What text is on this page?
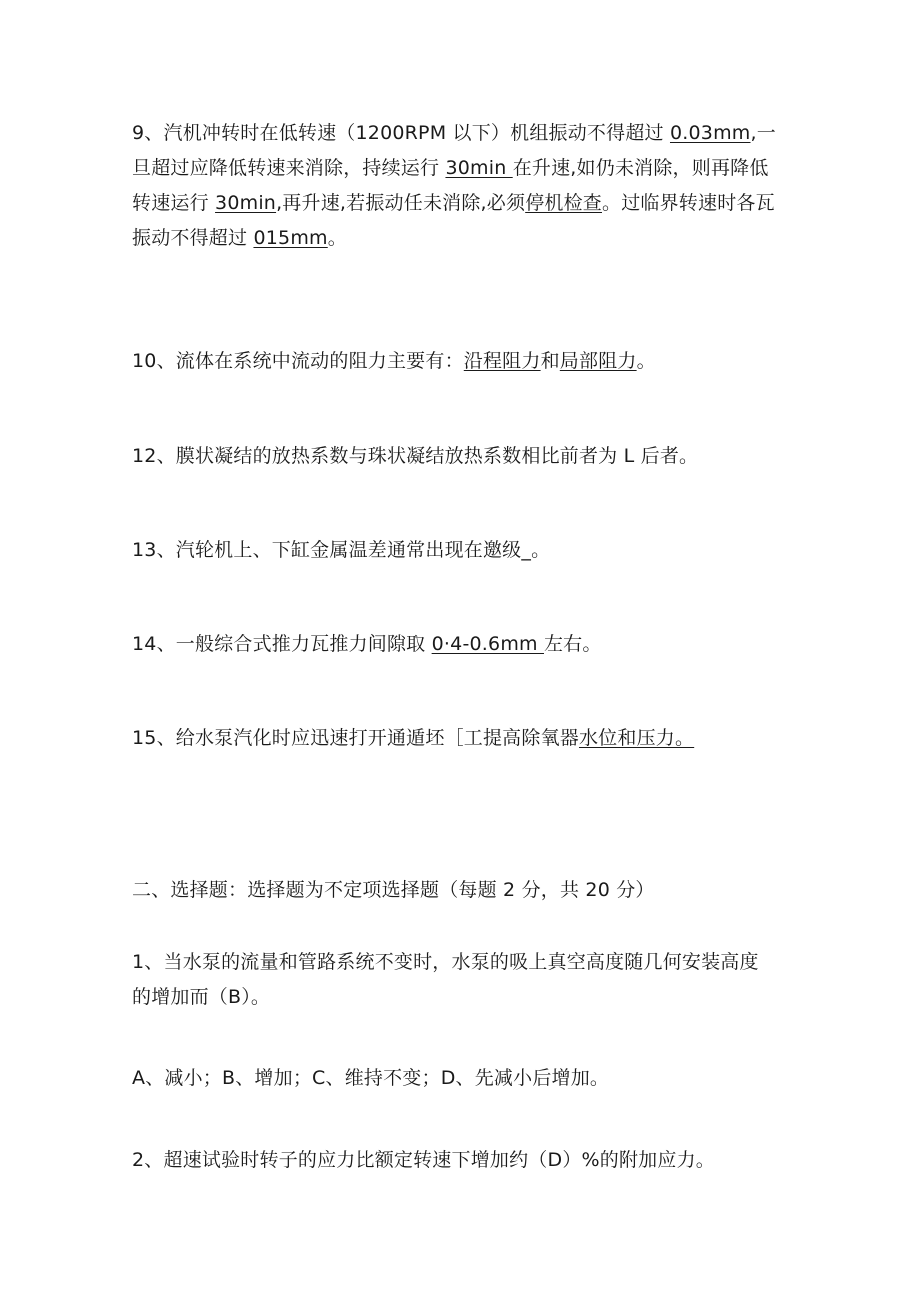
9、汽机冲转时在低转速（1200RPM 以下）机组振动不得超过 0.03mm,一
旦超过应降低转速来消除，持续运行 30min 在升速,如仍未消除，则再降低
转速运行 30min,再升速,若振动任未消除,必须停机检查。过临界转速时各瓦
振动不得超过 015mm。
10、流体在系统中流动的阻力主要有：沿程阻力和局部阻力。
12、膜状凝结的放热系数与珠状凝结放热系数相比前者为 L 后者。
13、汽轮机上、下缸金属温差通常出现在邀级_。
14、一般综合式推力瓦推力间隙取 0·4-0.6mm 左右。
15、给水泵汽化时应迅速打开通遁坯［工提高除氧器水位和压力。
二、选择题：选择题为不定项选择题（每题 2 分，共 20 分）
1、当水泵的流量和管路系统不变时，水泵的吸上真空高度随几何安装高度
的增加而（B）。
A、减小；B、增加；C、维持不变；D、先减小后增加。
2、超速试验时转子的应力比额定转速下增加约（D）%的附加应力。
